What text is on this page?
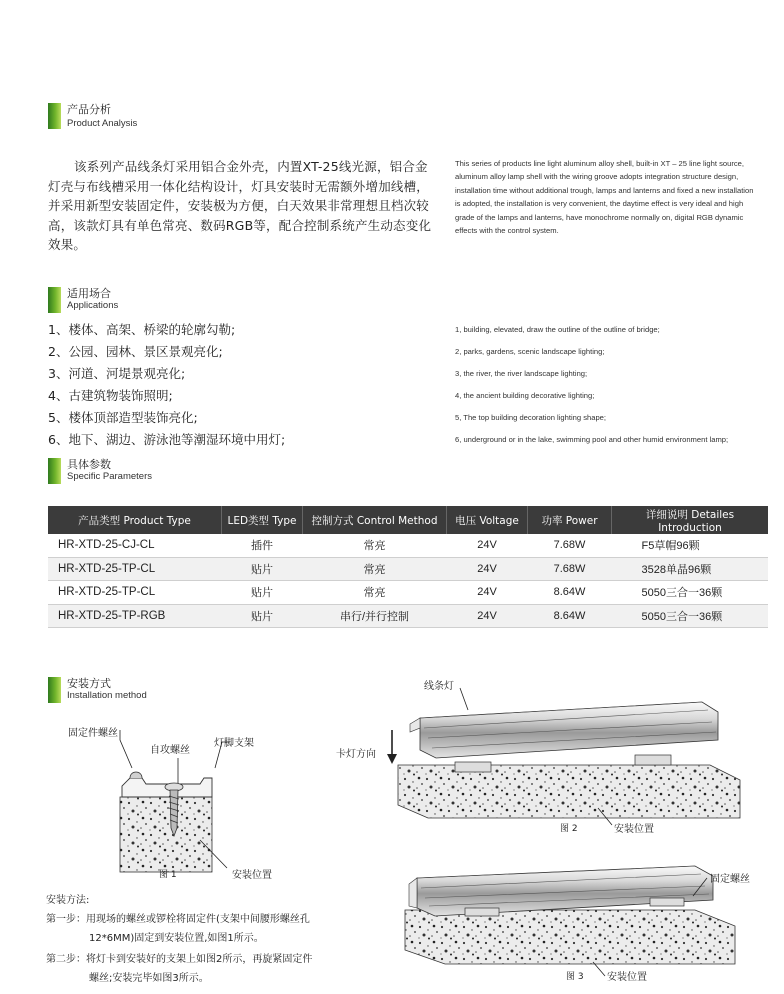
产品分析
Product Analysis
该系列产品线条灯采用铝合金外壳，内置XT-25线光源，铝合金灯壳与布线槽采用一体化结构设计，灯具安装时无需额外增加线槽，并采用新型安装固定件，安装极为方便，白天效果非常理想且档次较高，该款灯具有单色常亮、数码RGB等，配合控制系统产生动态变化效果。
This series of products line light aluminum alloy shell, built-in XT – 25 line light source, aluminum alloy lamp shell with the wiring groove adopts integration structure design, installation time without additional trough, lamps and lanterns and fixed a new installation is adopted, the installation is very convenient, the daytime effect is very ideal and high grade of the lamps and lanterns, have monochrome normally on, digital RGB dynamic effects with the control system.
适用场合
Applications
1、楼体、高架、桥梁的轮廓勾勒;
2、公园、园林、景区景观亮化;
3、河道、河堤景观亮化;
4、古建筑物装饰照明;
5、楼体顶部造型装饰亮化;
6、地下、湖边、游泳池等潮湿环境中用灯;
1, building, elevated, draw the outline of the outline of bridge;
2, parks, gardens, scenic landscape lighting;
3, the river, the river landscape lighting;
4, the ancient building decorative lighting;
5, The top building decoration lighting shape;
6, underground or in the lake, swimming pool and other humid environment lamp;
具体参数
Specific Parameters
产品类型 Product Type	LED类型 Type	控制方式 Control Method	电压 Voltage	功率 Power	详细说明 Detailes Introduction
HR-XTD-25-CJ-CL	插件	常亮	24V	7.68W	F5草帽96颗
HR-XTD-25-TP-CL	贴片	常亮	24V	7.68W	3528单晶96颗
HR-XTD-25-TP-CL	贴片	常亮	24V	8.64W	5050三合一36颗
HR-XTD-25-TP-RGB	贴片	串行/并行控制	24V	8.64W	5050三合一36颗
安装方式
Installation method
固定件螺丝
自攻螺丝
灯脚支架
安装位置
图 1
线条灯
卡灯方向
图 2	安装位置
固定螺丝
图 3 安装位置
安装方法:
第一步：用现场的螺丝或锣栓将固定件(支架中间腰形螺丝孔
12*6MM)固定到安装位置,如图1所示。
第二步：将灯卡到安装好的支架上如图2所示，再旋紧固定件
螺丝;安装完毕如图3所示。
